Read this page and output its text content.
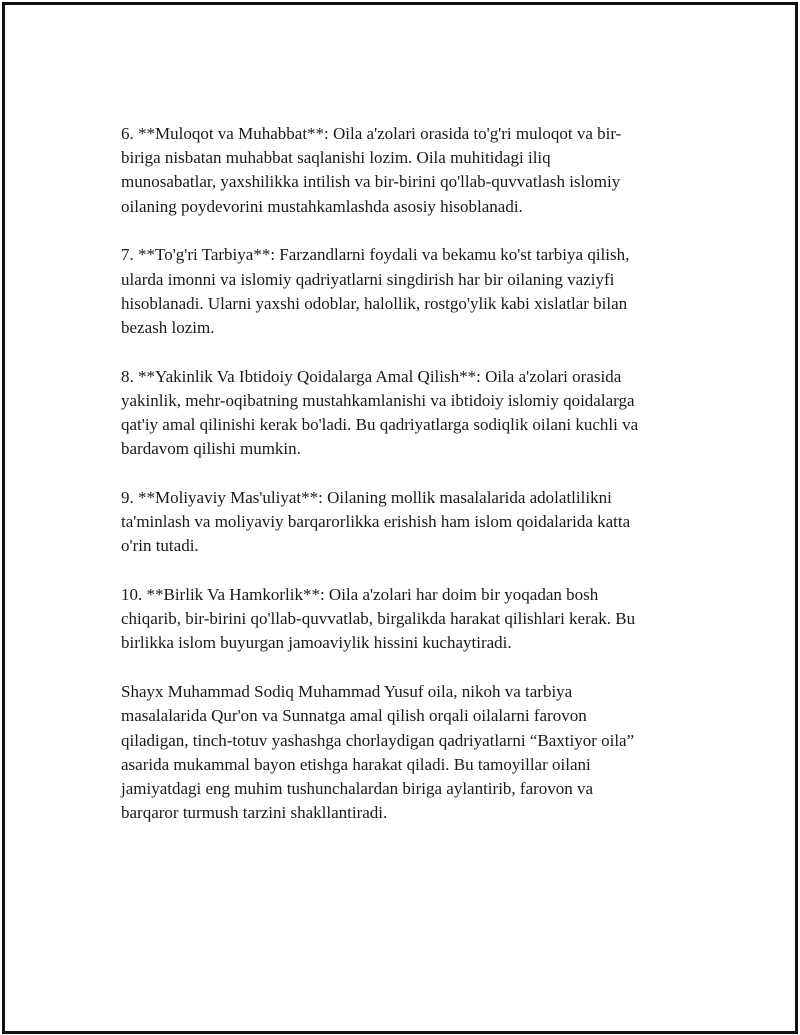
6. **Muloqot va Muhabbat**: Oila a'zolari orasida to'g'ri muloqot va bir-
biriga nisbatan muhabbat saqlanishi lozim. Oila muhitidagi iliq
munosabatlar, yaxshilikka intilish va bir-birini qo'llab-quvvatlash islomiy
oilaning poydevorini mustahkamlashda asosiy hisoblanadi.

7. **To'g'ri Tarbiya**: Farzandlarni foydali va bekamu ko'st tarbiya qilish,
ularda imonni va islomiy qadriyatlarni singdirish har bir oilaning vaziyfi
hisoblanadi. Ularni yaxshi odoblar, halollik, rostgo'ylik kabi xislatlar bilan
bezash lozim.

8. **Yakinlik Va Ibtidoiy Qoidalarga Amal Qilish**: Oila a'zolari orasida
yakinlik, mehr-oqibatning mustahkamlanishi va ibtidoiy islomiy qoidalarga
qat'iy amal qilinishi kerak bo'ladi. Bu qadriyatlarga sodiqlik oilani kuchli va
bardavom qilishi mumkin.

9. **Moliyaviy Mas'uliyat**: Oilaning mollik masalalarida adolatlilikni
ta'minlash va moliyaviy barqarorlikka erishish ham islom qoidalarida katta
o'rin tutadi.

10. **Birlik Va Hamkorlik**: Oila a'zolari har doim bir yoqadan bosh
chiqarib, bir-birini qo'llab-quvvatlab, birgalikda harakat qilishlari kerak. Bu
birlikka islom buyurgan jamoaviylik hissini kuchaytiradi.

Shayx Muhammad Sodiq Muhammad Yusuf oila, nikoh va tarbiya
masalalarida Qur'on va Sunnatga amal qilish orqali oilalarni farovon
qiladigan, tinch-totuv yashashga chorlaydigan qadriyatlarni “Baxtiyor oila”
asarida mukammal bayon etishga harakat qiladi. Bu tamoyillar oilani
jamiyatdagi eng muhim tushunchalardan biriga aylantirib, farovon va
barqaror turmush tarzini shakllantiradi.
